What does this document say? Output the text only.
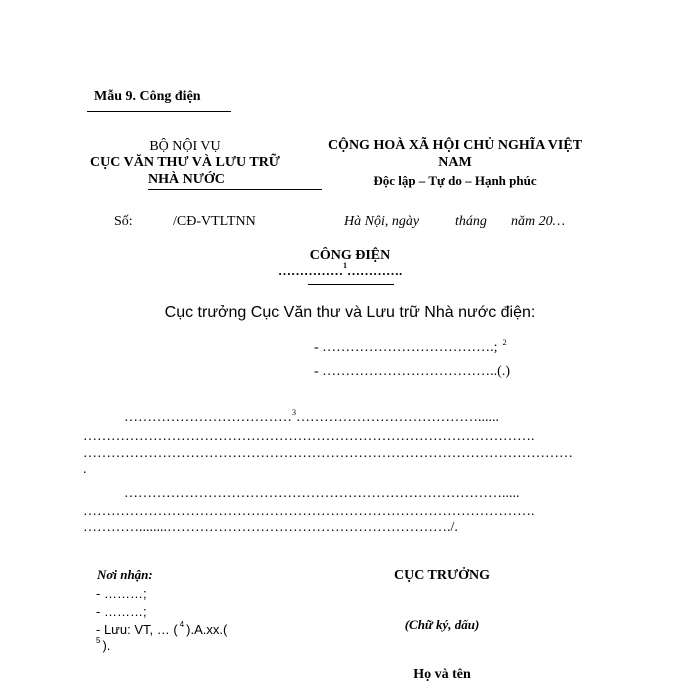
Mẫu 9. Công điện
BỘ NỘI VỤ
CỤC VĂN THƯ VÀ LƯU TRỮ
NHÀ NƯỚC
CỘNG HOÀ XÃ HỘI CHỦ NGHĨA VIỆT
NAM
Độc lập – Tự do – Hạnh phúc
Số:	/CĐ-VTLTNN	Hà Nội, ngày	tháng năm 20…
CÔNG ĐIỆN
……………$^1$………….
Cục trưởng Cục Văn thư và Lưu trữ Nhà nước điện:
- ……………………………….; $^2$
- ………………………………..(.)
………………………………$^3$…………………………………......
…………………………………………………………………………………….
……………………………………………………………………………………………
.
……………………………………………………………………….....
…………………………………………………………………………………….
…………........……………………………………………………./.
Nơi nhận:
- ………;
- ………;
- Lưu: VT, … ( $^4$ ).A.xx.(
$^5$ ).
CỤC TRƯỞNG
(Chữ ký, dấu)
Họ và tên
